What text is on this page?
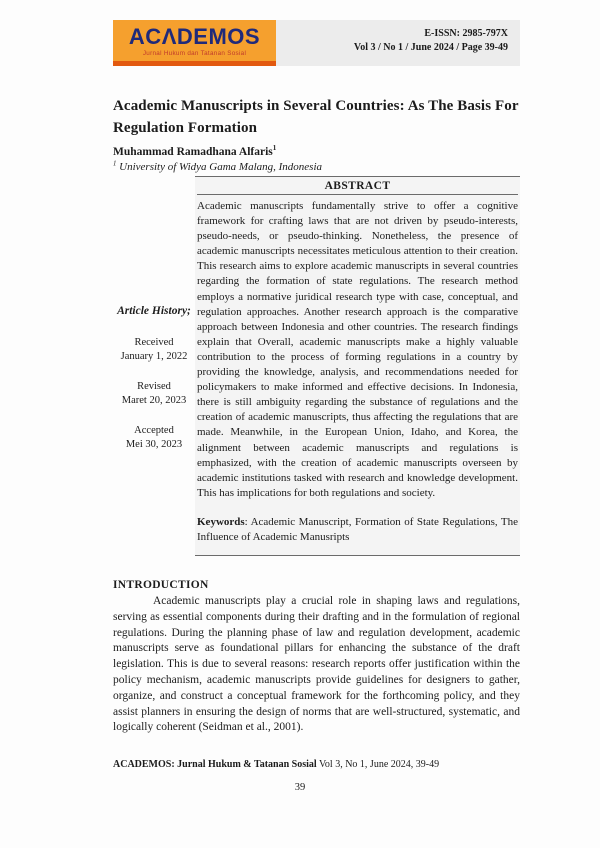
ACΛDEMOS
Jurnal Hukum dan Tatanan Sosial
E-ISSN: 2985-797X
Vol 3 / No 1 / June 2024 / Page 39-49
Academic Manuscripts in Several Countries: As The Basis For Regulation Formation
Muhammad Ramadhana Alfaris$^1$
$^1$ University of Widya Gama Malang, Indonesia
Article History;
Received
January 1, 2022
Revised
Maret 20, 2023
Accepted
Mei 30, 2023
ABSTRACT
Academic manuscripts fundamentally strive to offer a cognitive framework for crafting laws that are not driven by pseudo-interests, pseudo-needs, or pseudo-thinking. Nonetheless, the presence of academic manuscripts necessitates meticulous attention to their creation. This research aims to explore academic manuscripts in several countries regarding the formation of state regulations. The research method employs a normative juridical research type with case, conceptual, and regulation approaches. Another research approach is the comparative approach between Indonesia and other countries. The research findings explain that Overall, academic manuscripts make a highly valuable contribution to the process of forming regulations in a country by providing the knowledge, analysis, and recommendations needed for policymakers to make informed and effective decisions. In Indonesia, there is still ambiguity regarding the substance of regulations and the creation of academic manuscripts, thus affecting the regulations that are made. Meanwhile, in the European Union, Idaho, and Korea, the alignment between academic manuscripts and regulations is emphasized, with the creation of academic manuscripts overseen by academic institutions tasked with research and knowledge development. This has implications for both regulations and society.
Keywords: Academic Manuscript, Formation of State Regulations, The Influence of Academic Manusripts
INTRODUCTION
Academic manuscripts play a crucial role in shaping laws and regulations, serving as essential components during their drafting and in the formulation of regional regulations. During the planning phase of law and regulation development, academic manuscripts serve as foundational pillars for enhancing the substance of the draft legislation. This is due to several reasons: research reports offer justification within the policy mechanism, academic manuscripts provide guidelines for designers to gather, organize, and construct a conceptual framework for the forthcoming policy, and they assist planners in ensuring the design of norms that are well-structured, systematic, and logically coherent (Seidman et al., 2001).
ACADEMOS: Jurnal Hukum & Tatanan Sosial Vol 3, No 1, June 2024, 39-49
39
